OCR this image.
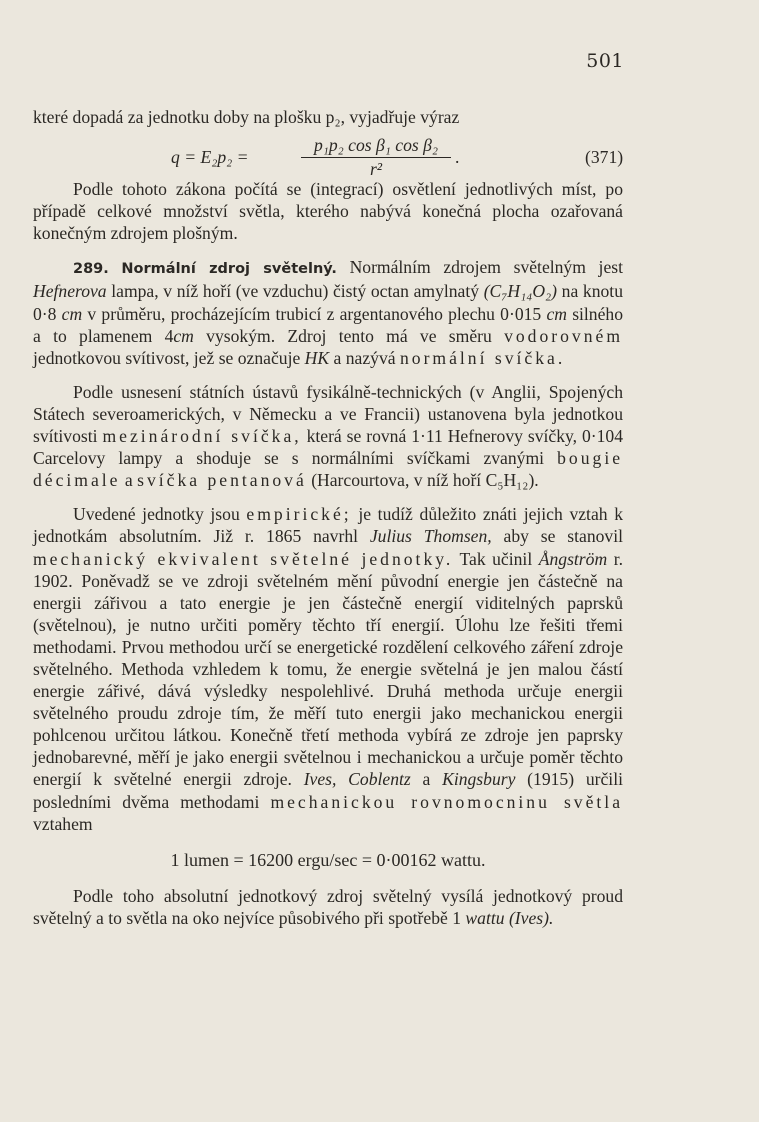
501

které dopadá za jednotku doby na plošku p₂, vyjadřuje výraz

q = E₂p₂ =	$\frac{\text{p₁p₂ cos β₁ cos β₂}}{\text{r²}}$ .	(371)

Podle tohoto zákona počítá se (integrací) osvětlení jednotlivých míst, po případě celkové množství světla, kterého nabývá konečná plocha ozařovaná konečným zdrojem plošným.

289. Normální zdroj světelný. Normálním zdrojem světelným jest Hefnerova lampa, v níž hoří (ve vzduchu) čistý octan amylnatý (C₇H₁₄O₂) na knotu 0·8 cm v průměru, procházejícím trubicí z argentanového plechu 0·015 cm silného a to plamenem 4cm vysokým. Zdroj tento má ve směru vodorovném jednotkovou svítivost, jež se označuje HK a nazývá normální svíčka.

Podle usnesení státních ústavů fysikálně-technických (v Anglii, Spojených Státech severoamerických, v Německu a ve Francii) ustanovena byla jednotkou svítivosti mezinárodní svíčka, která se rovná 1·11 Hefnerovy svíčky, 0·104 Carcelovy lampy a shoduje se s normálními svíčkami zvanými bougie décimale a svíčka pentanová (Harcourtova, v níž hoří C₅H₁₂).

Uvedené jednotky jsou empirické; je tudíž důležito znáti jejich vztah k jednotkám absolutním. Již r. 1865 navrhl Julius Thomsen, aby se stanovil mechanický ekvivalent světelné jednotky. Tak učinil Ångström r. 1902. Poněvadž se ve zdroji světelném mění původní energie jen částečně na energii zářivou a tato energie je jen částečně energií viditelných paprsků (světelnou), je nutno určiti poměry těchto tří energií. Úlohu lze řešiti třemi methodami. Prvou methodou určí se energetické rozdělení celkového záření zdroje světelného. Methoda vzhledem k tomu, že energie světelná je jen malou částí energie zářivé, dává výsledky nespolehlivé. Druhá methoda určuje energii světelného proudu zdroje tím, že měří tuto energii jako mechanickou energii pohlcenou určitou látkou. Konečně třetí methoda vybírá ze zdroje jen paprsky jednobarevné, měří je jako energii světelnou i mechanickou a určuje poměr těchto energií k světelné energii zdroje. Ives, Coblentz a Kingsbury (1915) určili posledními dvěma methodami mechanickou rovnomocninu světla vztahem

1 lumen = 16200 ergu/sec = 0·00162 wattu.

Podle toho absolutní jednotkový zdroj světelný vysílá jednotkový proud světelný a to světla na oko nejvíce působivého při spotřebě 1 wattu (Ives).
